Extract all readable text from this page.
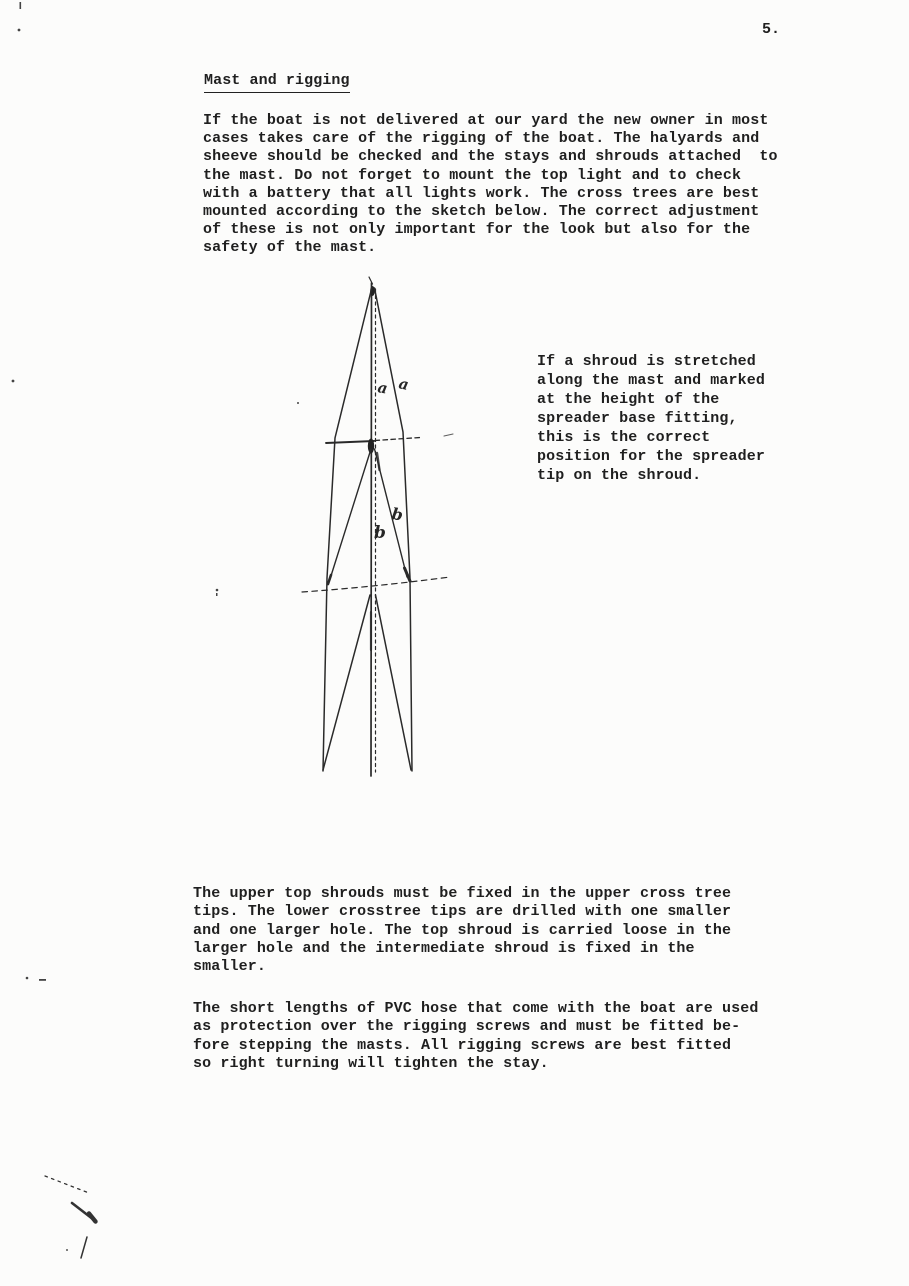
5.
Mast and rigging
If the boat is not delivered at our yard the new owner in most
cases takes care of the rigging of the boat. The halyards and
sheeve should be checked and the stays and shrouds attached  to
the mast. Do not forget to mount the top light and to check
with a battery that all lights work. The cross trees are best
mounted according to the sketch below. The correct adjustment
of these is not only important for the look but also for the
safety of the mast.
If a shroud is stretched
along the mast and marked
at the height of the
spreader base fitting,
this is the correct
position for the spreader
tip on the shroud.
The upper top shrouds must be fixed in the upper cross tree
tips. The lower crosstree tips are drilled with one smaller
and one larger hole. The top shroud is carried loose in the
larger hole and the intermediate shroud is fixed in the
smaller.
The short lengths of PVC hose that come with the boat are used
as protection over the rigging screws and must be fitted be-
fore stepping the masts. All rigging screws are best fitted
so right turning will tighten the stay.
a a
b
b
